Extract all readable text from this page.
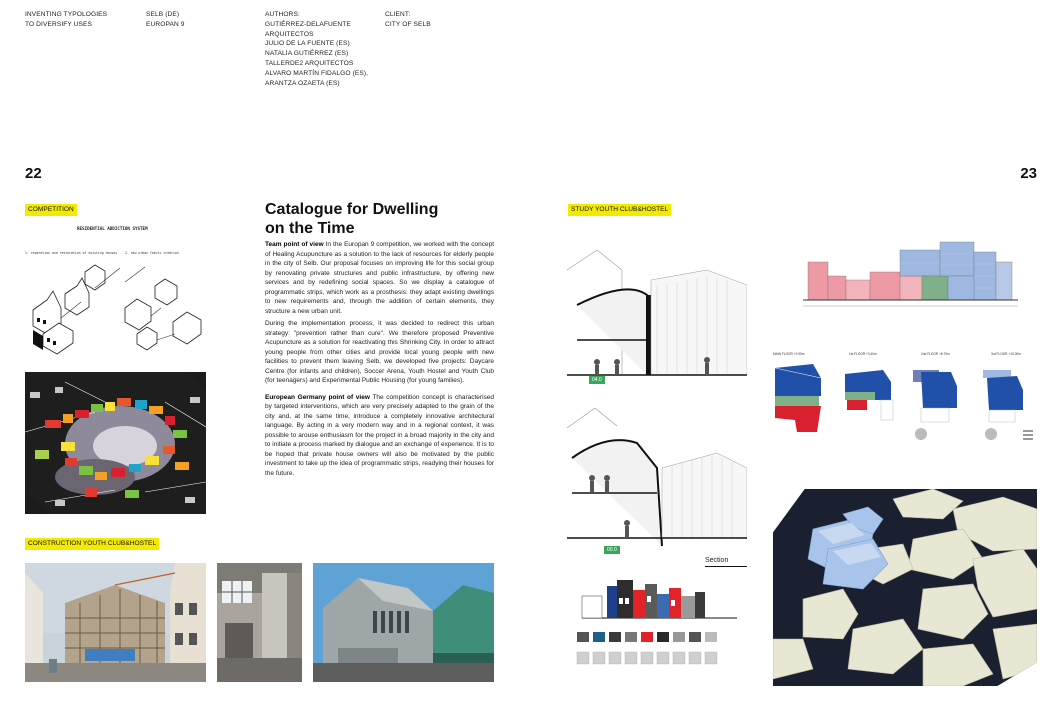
INVENTING TYPOLOGIES
TO DIVERSIFY USES
SELB (DE)
EUROPAN 9
AUTHORS:
GUTIÉRREZ-DELAFUENTE
ARQUITECTOS
JULIO DE LA FUENTE (ES)
NATALIA GUTIÉRREZ (ES)
TALLERDE2 ARQUITECTOS
ALVARO MARTÍN FIDALGO (ES),
ARANTZA OZAETA (ES)
CLIENT:
CITY OF SELB
22	23
COMPETITION
CONSTRUCTION YOUTH CLUB&HOSTEL
STUDY YOUTH CLUB&HOSTEL
RESIDENTIAL ADDICTION SYSTEM
1. reparation and restoration of existing houses 2. new urban fabric creation
Catalogue for Dwelling
on the Time

Team point of view In the Europan 9 competition, we worked with the concept of Healing Acupuncture as a solution to the lack of resources for elderly people in the city of Selb. Our proposal focuses on improving life for this social group by renovating private structures and public infrastructure, by offering new services and by redefining social spaces. So we display a catalogue of programmatic strips, which work as a prosthesis: they adapt existing dwellings to new requirements and, through the addition of certain elements, they structure a new urban unit.

During the implementation process, it was decided to redirect this urban strategy: "prevention rather than cure". We therefore proposed Preventive Acupuncture as a solution for reactivating this Shrinking City. In order to attract young people from other cities and provide local young people with new facilities to prevent them leaving Selb, we developed five projects: Daycare Centre (for infants and children), Soccer Arena, Youth Hostel and Youth Club (for teenagers) and Experimental Public Housing (for young families).

European Germany point of view The competition concept is characterised by targeted interventions, which are very precisely adapted to the grain of the city and, at the same time, introduce a completely innovative architectural language. By acting in a very modern way and in a regional context, it was possible to arouse enthusiasm for the project in a broad majority in the city and to initiate a process marked by dialogue and an exchange of experience. It is to be hoped that private house owners will also be motivated by the public investment to take up the idea of programmatic strips, readying their houses for the future.

04.0
00.0
Section
MAIN FLOOR +0.00m	1st FLOOR +3.40m	2nd FLOOR +6.70m	3rd FLOOR +10.00m
